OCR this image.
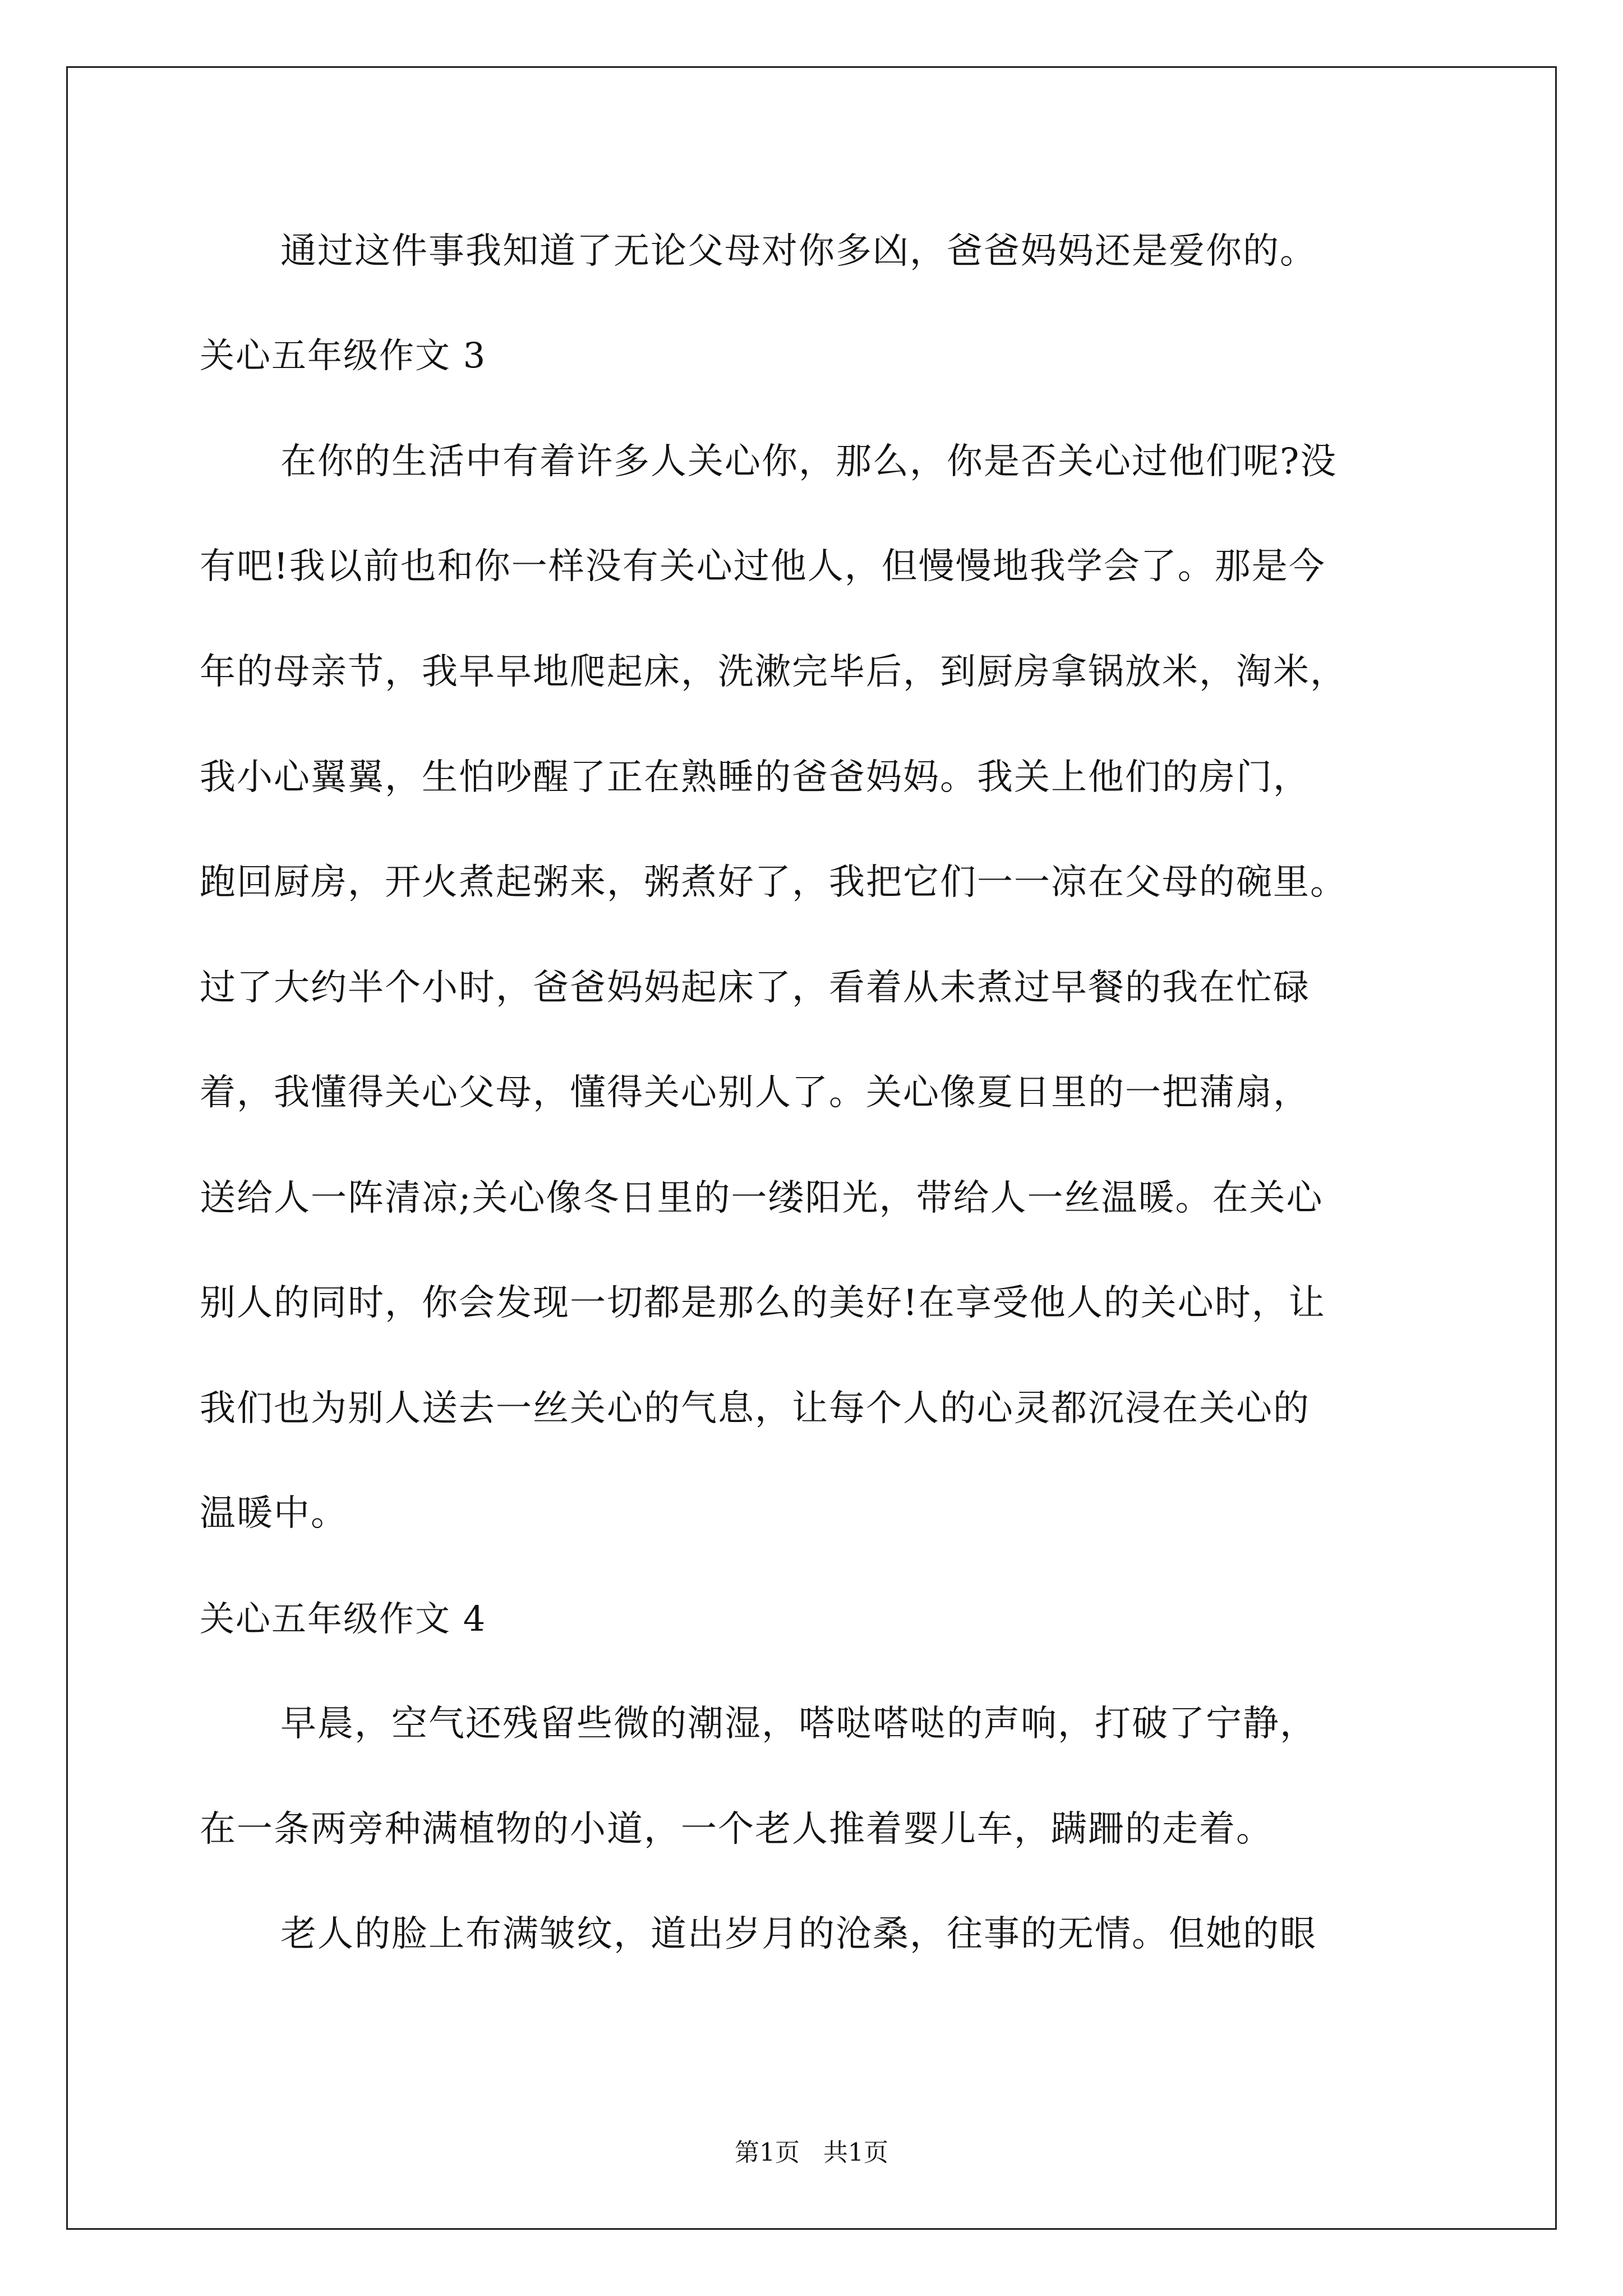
通过这件事我知道了无论父母对你多凶，爸爸妈妈还是爱你的。
关心五年级作文 3
在你的生活中有着许多人关心你，那么，你是否关心过他们呢?没
有吧!我以前也和你一样没有关心过他人，但慢慢地我学会了。那是今
年的母亲节，我早早地爬起床，洗漱完毕后，到厨房拿锅放米，淘米，
我小心翼翼，生怕吵醒了正在熟睡的爸爸妈妈。我关上他们的房门，
跑回厨房，开火煮起粥来，粥煮好了，我把它们一一凉在父母的碗里。
过了大约半个小时，爸爸妈妈起床了，看着从未煮过早餐的我在忙碌
着，我懂得关心父母，懂得关心别人了。关心像夏日里的一把蒲扇，
送给人一阵清凉;关心像冬日里的一缕阳光，带给人一丝温暖。在关心
别人的同时，你会发现一切都是那么的美好!在享受他人的关心时，让
我们也为别人送去一丝关心的气息，让每个人的心灵都沉浸在关心的
温暖中。
关心五年级作文 4
早晨，空气还残留些微的潮湿，嗒哒嗒哒的声响，打破了宁静，
在一条两旁种满植物的小道，一个老人推着婴儿车，蹒跚的走着。
老人的脸上布满皱纹，道出岁月的沧桑，往事的无情。但她的眼
第1页   共1页
